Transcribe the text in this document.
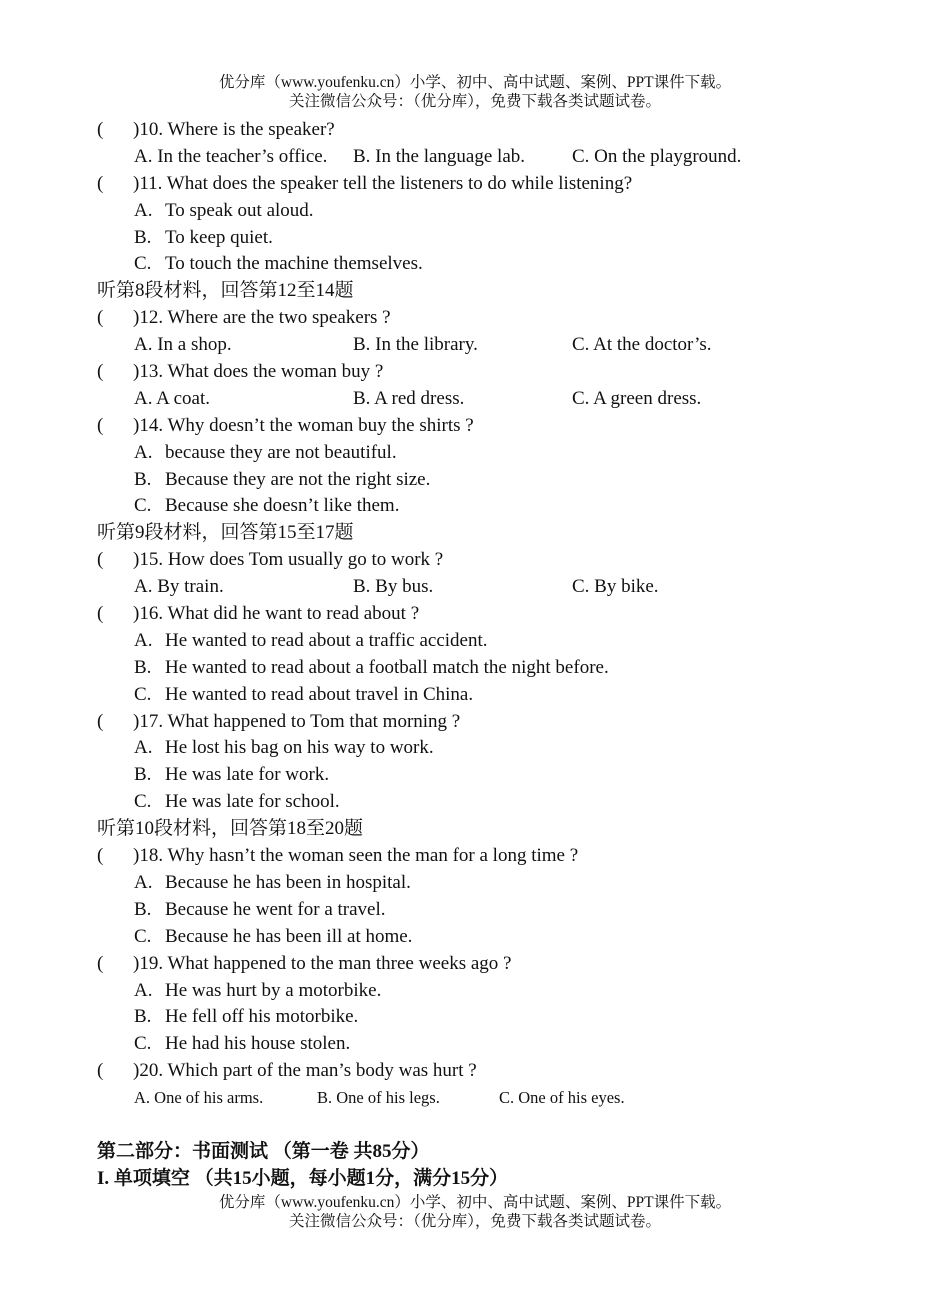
优分库（www.youfenku.cn）小学、初中、高中试题、案例、PPT课件下载。
关注微信公众号：（优分库），免费下载各类试题试卷。
( )10. Where is the speaker?
A. In the teacher’s office. B. In the language lab. C. On the playground.
( )11. What does the speaker tell the listeners to do while listening?
A. To speak out aloud.
B. To keep quiet.
C. To touch the machine themselves.
听第8段材料，回答第12至14题
( )12. Where are the two speakers ?
A. In a shop.	B. In the library.	C. At the doctor’s.
( )13. What does the woman buy ?
A. A coat.	B. A red dress.	C. A green dress.
( )14. Why doesn’t the woman buy the shirts ?
A. because they are not beautiful.
B. Because they are not the right size.
C. Because she doesn’t like them.
听第9段材料，回答第15至17题
( )15. How does Tom usually go to work ?
A. By train.	B. By bus.	C. By bike.
( )16. What did he want to read about ?
A. He wanted to read about a traffic accident.
B. He wanted to read about a football match the night before.
C. He wanted to read about travel in China.
( )17. What happened to Tom that morning ?
A. He lost his bag on his way to work.
B. He was late for work.
C. He was late for school.
听第10段材料，回答第18至20题
( )18. Why hasn’t the woman seen the man for a long time ?
A. Because he has been in hospital.
B. Because he went for a travel.
C. Because he has been ill at home.
( )19. What happened to the man three weeks ago ?
A. He was hurt by a motorbike.
B. He fell off his motorbike.
C. He had his house stolen.
( )20. Which part of the man’s body was hurt ?
A. One of his arms.	B. One of his legs.	C. One of his eyes.
第二部分：书面测试 （第一卷 共85分）
I. 单项填空 （共15小题，每小题1分，满分15分）
优分库（www.youfenku.cn）小学、初中、高中试题、案例、PPT课件下载。
关注微信公众号：（优分库），免费下载各类试题试卷。
